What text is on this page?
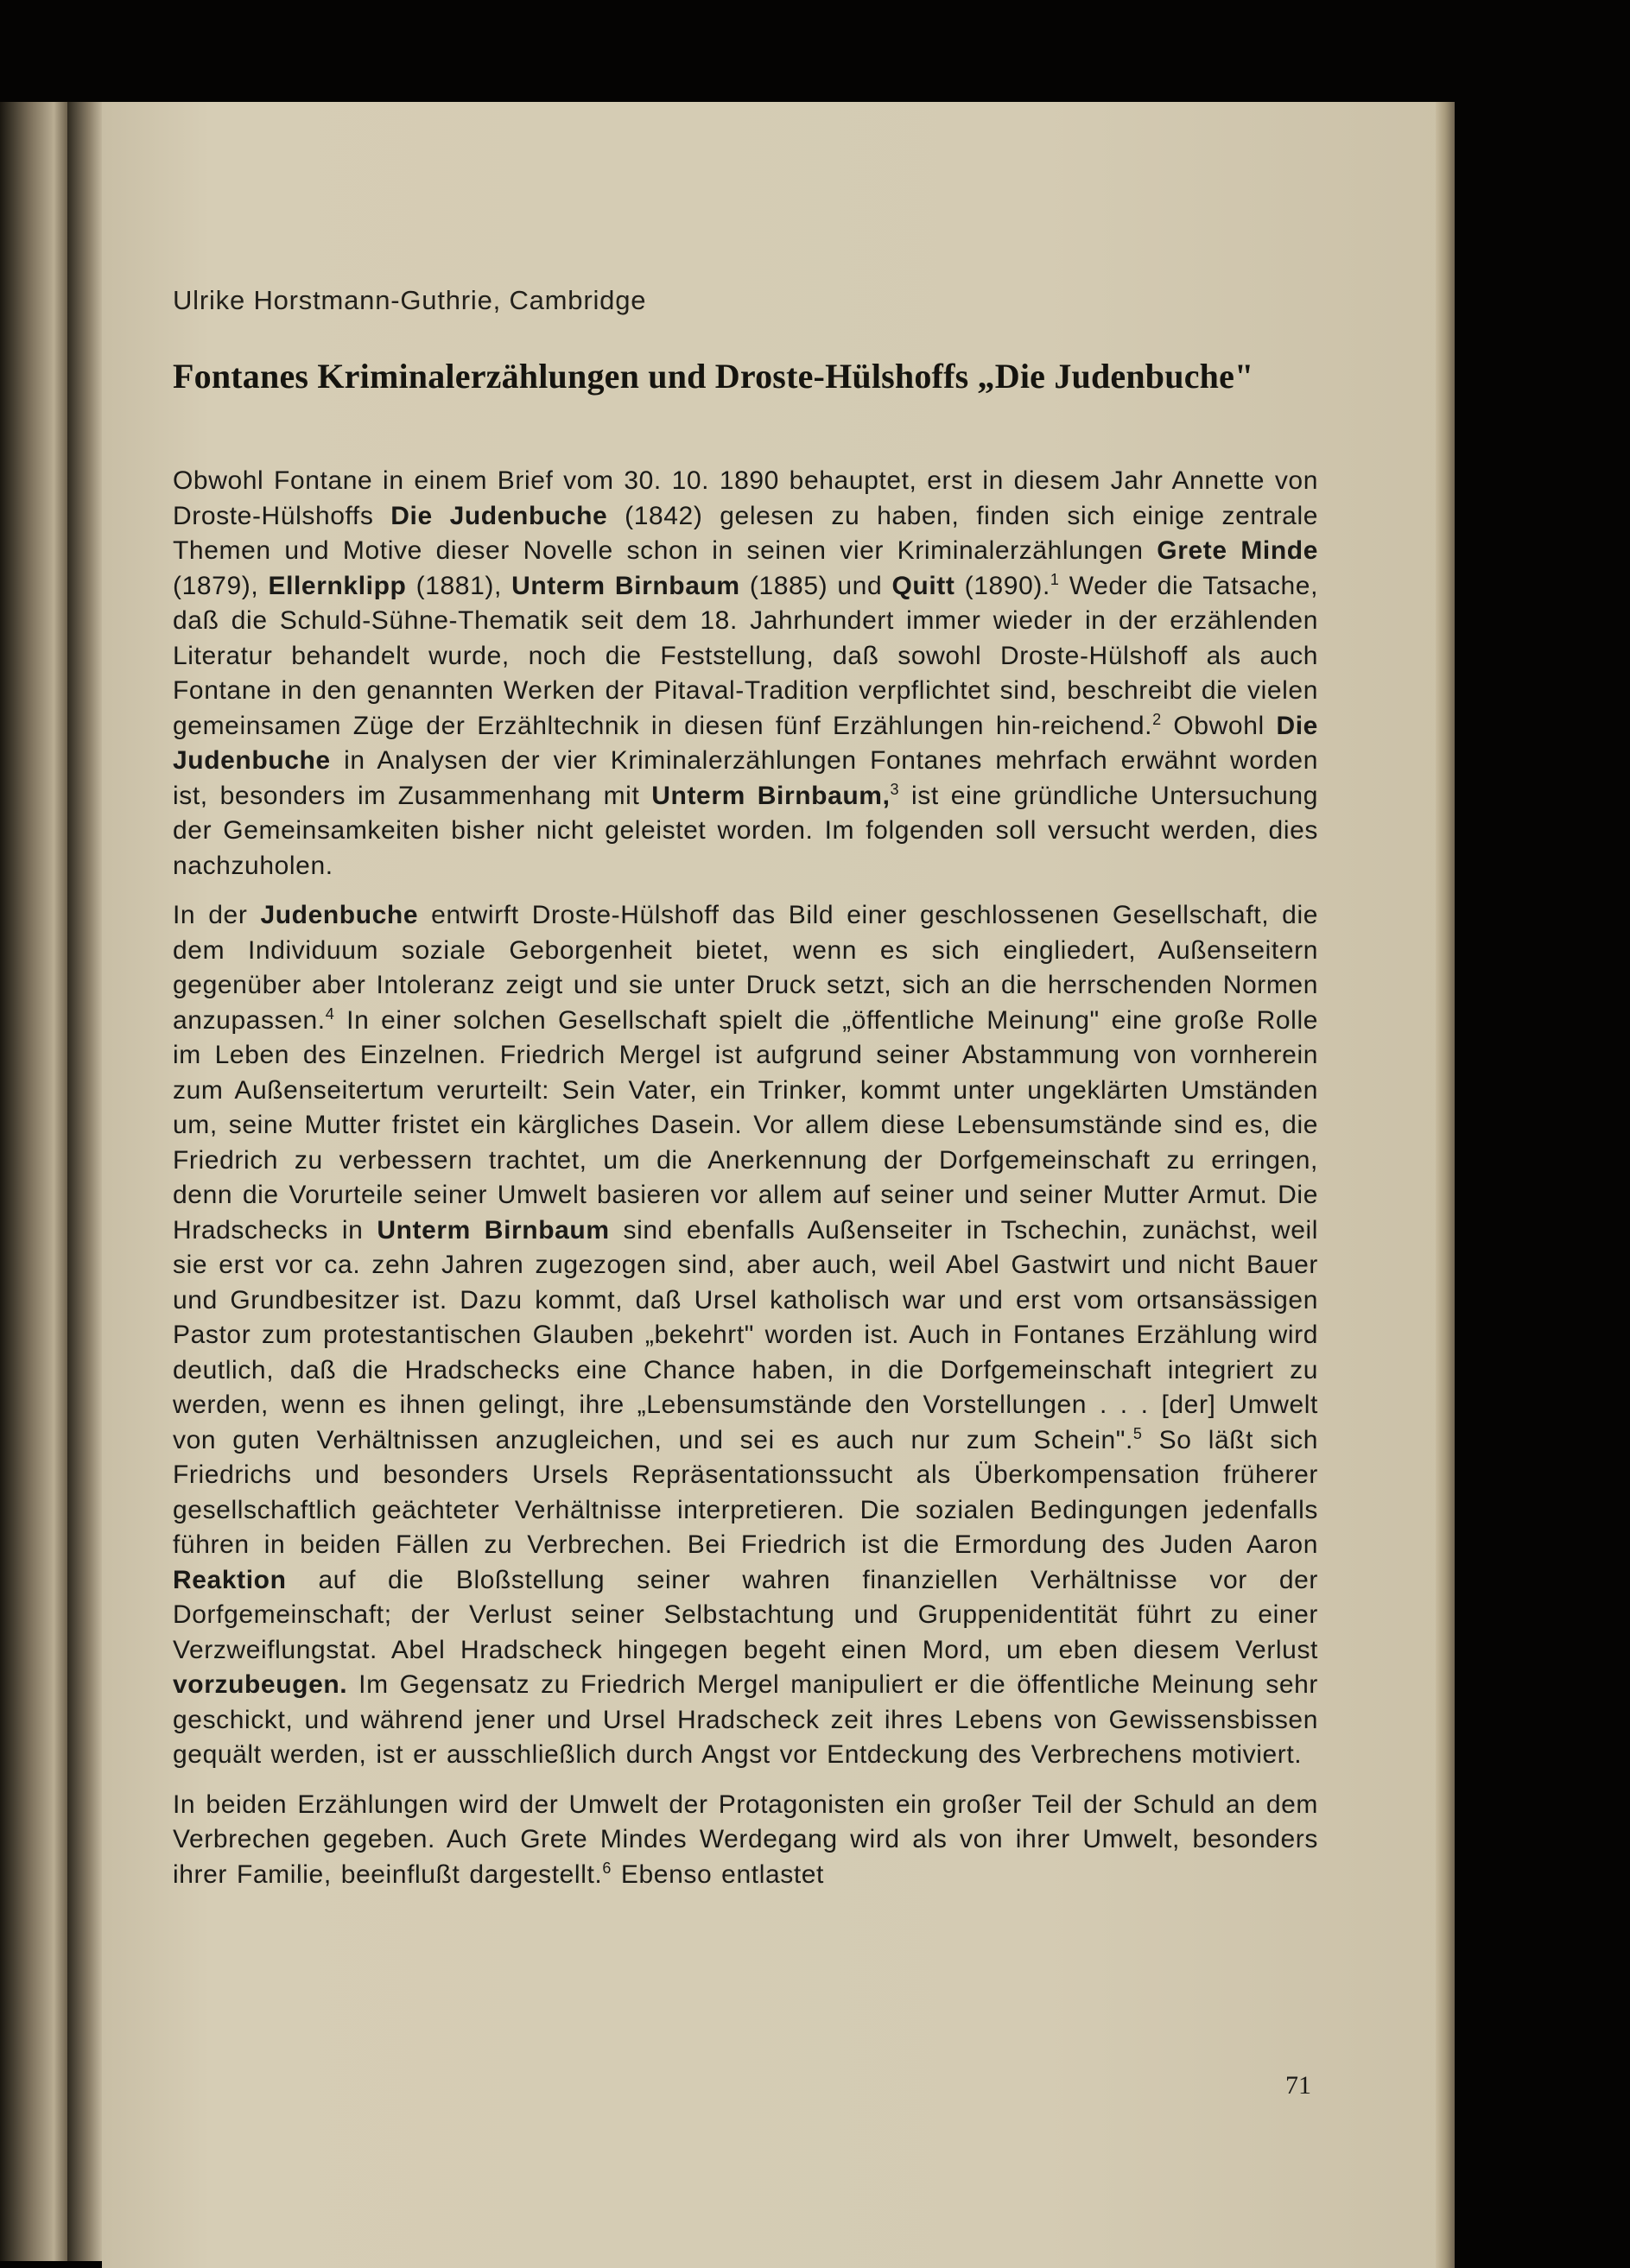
Ulrike Horstmann-Guthrie, Cambridge

Fontanes Kriminalerzählungen und Droste-Hülshoffs „Die Judenbuche"

Obwohl Fontane in einem Brief vom 30. 10. 1890 behauptet, erst in diesem Jahr Annette von Droste-Hülshoffs Die Judenbuche (1842) gelesen zu haben, finden sich einige zentrale Themen und Motive dieser Novelle schon in seinen vier Kriminalerzählungen Grete Minde (1879), Ellernklipp (1881), Unterm Birnbaum (1885) und Quitt (1890).$^1$ Weder die Tatsache, daß die Schuld-Sühne-Thematik seit dem 18. Jahrhundert immer wieder in der erzählenden Literatur behandelt wurde, noch die Feststellung, daß sowohl Droste-Hülshoff als auch Fontane in den genannten Werken der Pitaval-Tradition verpflichtet sind, beschreibt die vielen gemeinsamen Züge der Erzähltechnik in diesen fünf Erzählungen hin-reichend.$^2$ Obwohl Die Judenbuche in Analysen der vier Kriminalerzählungen Fontanes mehrfach erwähnt worden ist, besonders im Zusammenhang mit Unterm Birnbaum,$^3$ ist eine gründliche Untersuchung der Gemeinsamkeiten bisher nicht geleistet worden. Im folgenden soll versucht werden, dies nachzuholen.

In der Judenbuche entwirft Droste-Hülshoff das Bild einer geschlossenen Gesellschaft, die dem Individuum soziale Geborgenheit bietet, wenn es sich eingliedert, Außenseitern gegenüber aber Intoleranz zeigt und sie unter Druck setzt, sich an die herrschenden Normen anzupassen.$^4$ In einer solchen Gesellschaft spielt die „öffentliche Meinung" eine große Rolle im Leben des Einzelnen. Friedrich Mergel ist aufgrund seiner Abstammung von vornherein zum Außenseitertum verurteilt: Sein Vater, ein Trinker, kommt unter ungeklärten Umständen um, seine Mutter fristet ein kärgliches Dasein. Vor allem diese Lebensumstände sind es, die Friedrich zu verbessern trachtet, um die Anerkennung der Dorfgemeinschaft zu erringen, denn die Vorurteile seiner Umwelt basieren vor allem auf seiner und seiner Mutter Armut. Die Hradschecks in Unterm Birnbaum sind ebenfalls Außenseiter in Tschechin, zunächst, weil sie erst vor ca. zehn Jahren zugezogen sind, aber auch, weil Abel Gastwirt und nicht Bauer und Grundbesitzer ist. Dazu kommt, daß Ursel katholisch war und erst vom ortsansässigen Pastor zum protestantischen Glauben „bekehrt" worden ist. Auch in Fontanes Erzählung wird deutlich, daß die Hradschecks eine Chance haben, in die Dorfgemeinschaft integriert zu werden, wenn es ihnen gelingt, ihre „Lebensumstände den Vorstellungen . . . [der] Umwelt von guten Verhältnissen anzugleichen, und sei es auch nur zum Schein".$^5$ So läßt sich Friedrichs und besonders Ursels Repräsentationssucht als Überkompensation früherer gesellschaftlich geächteter Verhältnisse interpretieren. Die sozialen Bedingungen jedenfalls führen in beiden Fällen zu Verbrechen. Bei Friedrich ist die Ermordung des Juden Aaron Reaktion auf die Bloßstellung seiner wahren finanziellen Verhältnisse vor der Dorfgemeinschaft; der Verlust seiner Selbstachtung und Gruppenidentität führt zu einer Verzweiflungstat. Abel Hradscheck hingegen begeht einen Mord, um eben diesem Verlust vorzubeugen. Im Gegensatz zu Friedrich Mergel manipuliert er die öffentliche Meinung sehr geschickt, und während jener und Ursel Hradscheck zeit ihres Lebens von Gewissensbissen gequält werden, ist er ausschließlich durch Angst vor Entdeckung des Verbrechens motiviert.

In beiden Erzählungen wird der Umwelt der Protagonisten ein großer Teil der Schuld an dem Verbrechen gegeben. Auch Grete Mindes Werdegang wird als von ihrer Umwelt, besonders ihrer Familie, beeinflußt dargestellt.$^6$ Ebenso entlastet

71
